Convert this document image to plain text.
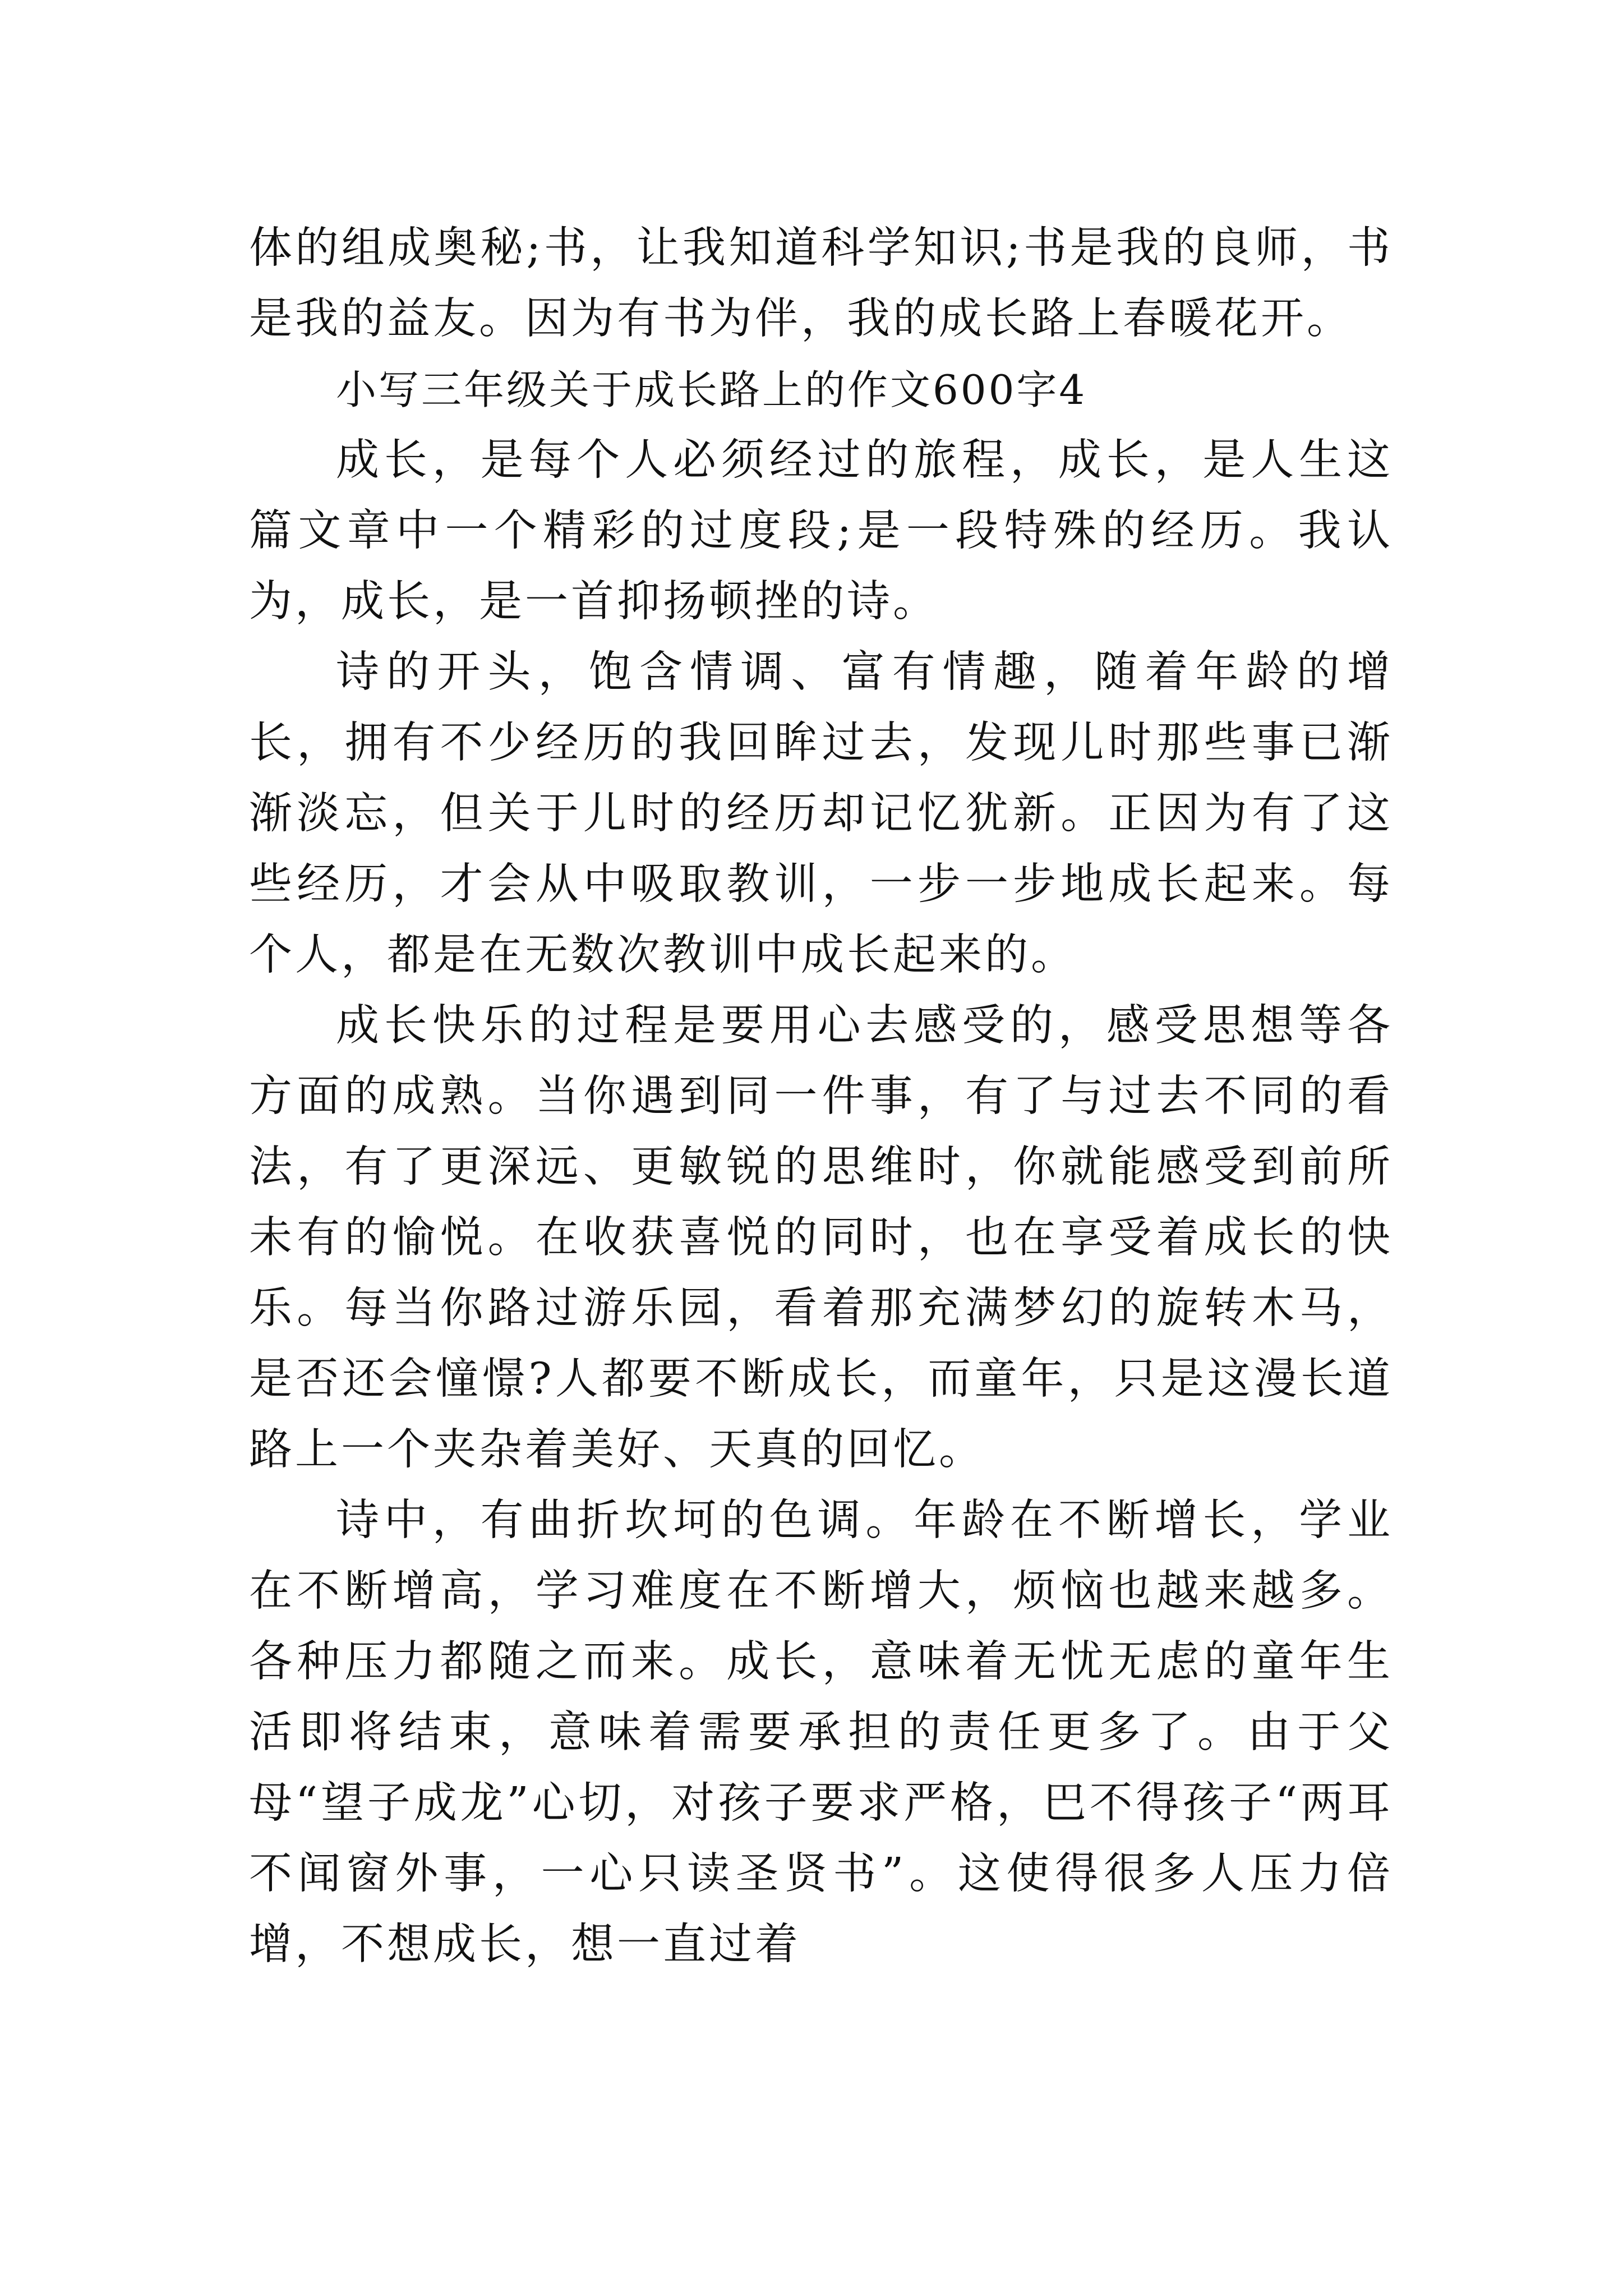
体的组成奥秘;书，让我知道科学知识;书是我的良师，书是我的益友。因为有书为伴，我的成长路上春暖花开。

小写三年级关于成长路上的作文600字4

成长，是每个人必须经过的旅程，成长，是人生这篇文章中一个精彩的过度段;是一段特殊的经历。我认为，成长，是一首抑扬顿挫的诗。

诗的开头，饱含情调、富有情趣，随着年龄的增长，拥有不少经历的我回眸过去，发现儿时那些事已渐渐淡忘，但关于儿时的经历却记忆犹新。正因为有了这些经历，才会从中吸取教训，一步一步地成长起来。每个人，都是在无数次教训中成长起来的。

成长快乐的过程是要用心去感受的，感受思想等各方面的成熟。当你遇到同一件事，有了与过去不同的看法，有了更深远、更敏锐的思维时，你就能感受到前所未有的愉悦。在收获喜悦的同时，也在享受着成长的快乐。每当你路过游乐园，看着那充满梦幻的旋转木马，是否还会憧憬?人都要不断成长，而童年，只是这漫长道路上一个夹杂着美好、天真的回忆。

诗中，有曲折坎坷的色调。年龄在不断增长，学业在不断增高，学习难度在不断增大，烦恼也越来越多。各种压力都随之而来。成长，意味着无忧无虑的童年生活即将结束，意味着需要承担的责任更多了。由于父母“望子成龙”心切，对孩子要求严格，巴不得孩子“两耳不闻窗外事，一心只读圣贤书”。这使得很多人压力倍增，不想成长，想一直过着
